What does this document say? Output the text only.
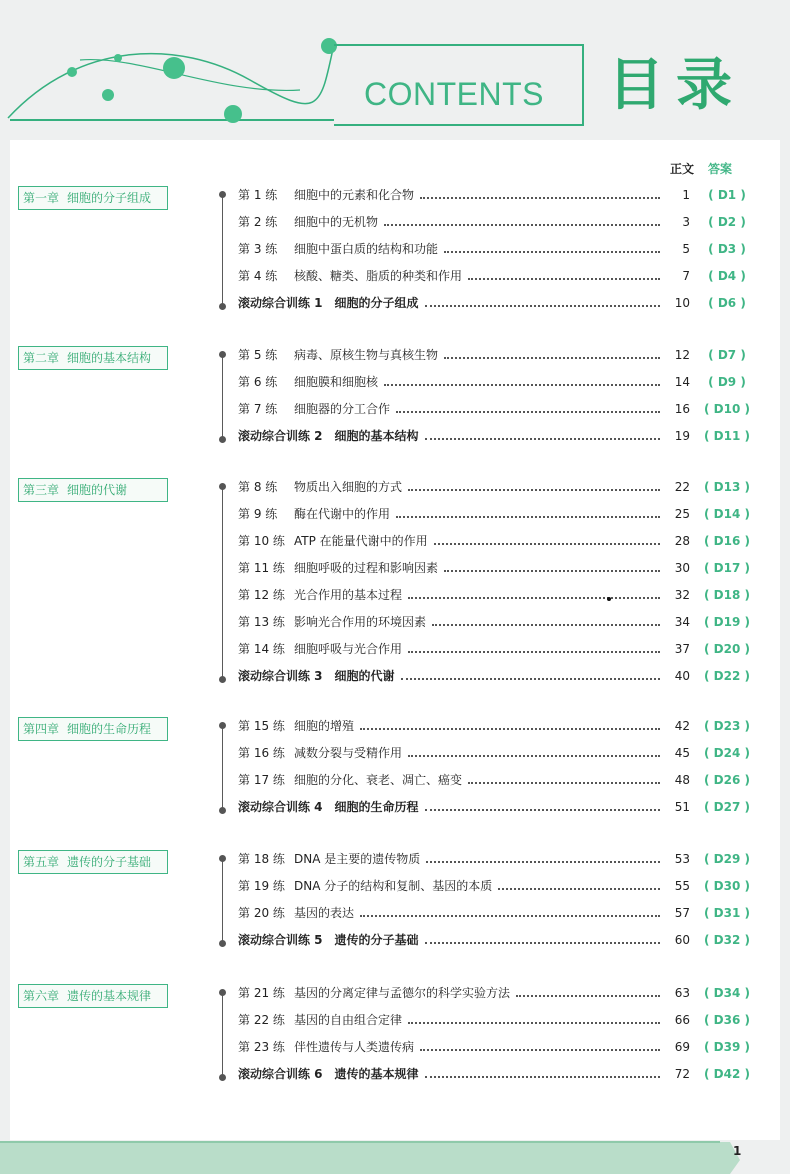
CONTENTS 目录
正文 答案
第一章 细胞的分子组成	第 1 练	细胞中的元素和化合物	1	( D1 )
第 2 练	细胞中的无机物	3	( D2 )
第 3 练	细胞中蛋白质的结构和功能	5	( D3 )
第 4 练	核酸、糖类、脂质的种类和作用	7	( D4 )
滚动综合训练 1　细胞的分子组成	10	( D6 )
第二章 细胞的基本结构	第 5 练	病毒、原核生物与真核生物	12	( D7 )
第 6 练	细胞膜和细胞核	14	( D9 )
第 7 练	细胞器的分工合作	16	( D10 )
滚动综合训练 2　细胞的基本结构	19	( D11 )
第三章 细胞的代谢	第 8 练	物质出入细胞的方式	22	( D13 )
第 9 练	酶在代谢中的作用	25	( D14 )
第 10 练 ATP 在能量代谢中的作用	28	( D16 )
第 11 练 细胞呼吸的过程和影响因素	30	( D17 )
第 12 练 光合作用的基本过程	32	( D18 )
第 13 练 影响光合作用的环境因素	34	( D19 )
第 14 练 细胞呼吸与光合作用	37	( D20 )
滚动综合训练 3　细胞的代谢	40	( D22 )
第四章 细胞的生命历程	第 15 练 细胞的增殖	42	( D23 )
第 16 练 减数分裂与受精作用	45	( D24 )
第 17 练 细胞的分化、衰老、凋亡、癌变	48	( D26 )
滚动综合训练 4　细胞的生命历程	51	( D27 )
第五章 遗传的分子基础	第 18 练 DNA 是主要的遗传物质	53	( D29 )
第 19 练 DNA 分子的结构和复制、基因的本质	55	( D30 )
第 20 练 基因的表达	57	( D31 )
滚动综合训练 5　遗传的分子基础	60	( D32 )
第六章 遗传的基本规律	第 21 练 基因的分离定律与孟德尔的科学实验方法	63	( D34 )
第 22 练 基因的自由组合定律	66	( D36 )
第 23 练 伴性遗传与人类遗传病	69	( D39 )
滚动综合训练 6　遗传的基本规律	72	( D42 )
1
